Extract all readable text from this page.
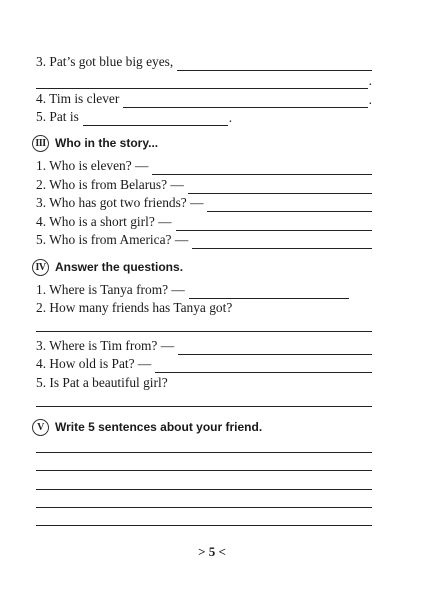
3. Pat’s got blue big eyes,
.
4. Tim is clever	.
5. Pat is	.
III Who in the story...
1. Who is eleven? —
2. Who is from Belarus? —
3. Who has got two friends? —
4. Who is a short girl? —
5. Who is from America? —
IV Answer the questions.
1. Where is Tanya from? —
2. How many friends has Tanya got?
3. Where is Tim from? —
4. How old is Pat? —
5. Is Pat a beautiful girl?
V Write 5 sentences about your friend.
> 5 <
